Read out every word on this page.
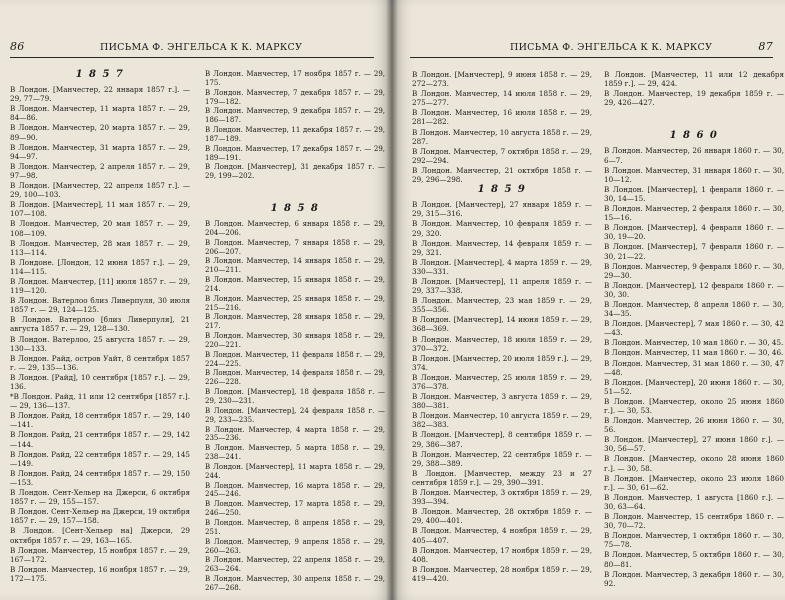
86	ПИСЬМА Ф. ЭНГЕЛЬСА К К. МАРКСУ
1 8 5 7
В Лондон. [Манчестер, 22 января 1857 г.]. — 29, 77—79.
В Лондон. Манчестер, 11 марта 1857 г. — 29, 84—86.
В Лондон. Манчестер, 20 марта 1857 г. — 29, 89—90.
В Лондон. Манчестер, 31 марта 1857 г. — 29, 94—97.
В Лондон. Манчестер, 2 апреля 1857 г. — 29, 97—98.
В Лондон. [Манчестер, 22 апреля 1857 г.]. — 29, 100—103.
В Лондон. [Манчестер], 11 мая 1857 г. — 29, 107—108.
В Лондон. Манчестер, 20 мая 1857 г. — 29, 108—109.
В Лондон. Манчестер, 28 мая 1857 г. — 29, 113—114.
В Лондоне. [Лондон, 12 июня 1857 г.]. — 29, 114—115.
В Лондон. Манчестер, [11] июля 1857 г. — 29, 119—120.
В Лондон. Ватерлоо близ Ливерпуля, 30 июля 1857 г. — 29, 124—125.
В Лондон. Ватерлоо [близ Ливерпуля], 21 августа 1857 г. — 29, 128—130.
В Лондон. Ватерлоо, 25 августа 1857 г. — 29, 130—133.
В Лондон. Райд, остров Уайт, 8 сентября 1857 г. — 29, 135—136.
В Лондон. [Райд], 10 сентября [1857 г.]. — 29, 136.
*В Лондон. Райд, 11 или 12 сентября [1857 г.]. — 29, 136—137.
В Лондон. Райд, 18 сентября 1857 г. — 29, 140—141.
В Лондон. Райд, 21 сентября 1857 г. — 29, 142—144.
В Лондон. Райд, 22 сентября 1857 г. — 29, 145—149.
В Лондон. Райд, 24 сентября 1857 г. — 29, 150—153.
В Лондон. Сент-Хельер на Джерси, 6 октября 1857 г. — 29, 155—157.
В Лондон. Сент-Хельер на Джерси, 19 октября 1857 г. — 29, 157—158.
В Лондон. [Сент-Хельер на] Джерси, 29 октября 1857 г. — 29, 163—165.
В Лондон. Манчестер, 15 ноября 1857 г. — 29, 167—172.
В Лондон. Манчестер, 16 ноября 1857 г. — 29, 172—175.
В Лондон. Манчестер, 17 ноября 1857 г. — 29, 175.
В Лондон. Манчестер, 7 декабря 1857 г. — 29, 179—182.
В Лондон. Манчестер, 9 декабря 1857 г. — 29, 186—187.
В Лондон. Манчестер, 11 декабря 1857 г. — 29, 187—189.
В Лондон. Манчестер, 17 декабря 1857 г. — 29, 189—191.
В Лондон. [Манчестер], 31 декабря 1857 г. — 29, 199—202.
1 8 5 8
В Лондон. Манчестер, 6 января 1858 г. — 29, 204—206.
В Лондон. Манчестер, 7 января 1858 г. — 29, 206—207.
В Лондон. Манчестер, 14 января 1858 г. — 29, 210—211.
В Лондон. Манчестер, 15 января 1858 г. — 29, 214.
В Лондон. Манчестер, 25 января 1858 г. — 29, 215—216.
В Лондон. Манчестер, 28 января 1858 г. — 29, 217.
В Лондон. Манчестер, 30 января 1858 г. — 29, 220—221.
В Лондон. Манчестер, 11 февраля 1858 г. — 29, 224—225.
В Лондон. Манчестер, 14 февраля 1858 г. — 29, 226—228.
В Лондон. [Манчестер], 18 февраля 1858 г. — 29, 230—231.
В Лондон. [Манчестер], 24 февраля 1858 г. — 29, 233—235.
В Лондон. Манчестер, 4 марта 1858 г. — 29, 235—236.
В Лондон. Манчестер, 5 марта 1858 г. — 29, 238—241.
В Лондон. [Манчестер], 11 марта 1858 г. — 29, 244.
В Лондон. Манчестер, 16 марта 1858 г. — 29, 245—246.
В Лондон. Манчестер, 17 марта 1858 г. — 29, 246—250.
В Лондон. Манчестер, 8 апреля 1858 г. — 29, 251.
В Лондон. Манчестер, 9 апреля 1858 г. — 29, 260—263.
В Лондон. Манчестер, 22 апреля 1858 г. — 29, 263—264.
В Лондон. Манчестер, 30 апреля 1858 г. — 29, 267—268.
ПИСЬМА Ф. ЭНГЕЛЬСА К К. МАРКСУ	87
В Лондон. [Манчестер], 9 июня 1858 г. — 29, 272—273.
В Лондон. Манчестер, 14 июля 1858 г. — 29, 275—277.
В Лондон. Манчестер, 16 июля 1858 г. — 29, 281—282.
В Лондон. Манчестер, 10 августа 1858 г. — 29, 287.
В Лондон. Манчестер, 7 октября 1858 г. — 29, 292—294.
В Лондон. Манчестер, 21 октября 1858 г. — 29, 296—298.
1 8 5 9
В Лондон. [Манчестер], 27 января 1859 г. — 29, 315—316.
В Лондон. Манчестер, 10 февраля 1859 г. — 29, 320.
В Лондон. Манчестер, 14 февраля 1859 г. — 29, 321.
В Лондон. [Манчестер], 4 марта 1859 г. — 29, 330—331.
В Лондон. [Манчестер], 11 апреля 1859 г. — 29, 337—338.
В Лондон. Манчестер, 23 мая 1859 г. — 29, 355—356.
В Лондон. [Манчестер], 14 июня 1859 г. — 29, 368—369.
В Лондон. Манчестер, 18 июля 1859 г. — 29, 370—372.
В Лондон. [Манчестер, 20 июля 1859 г.]. — 29, 374.
В Лондон. Манчестер, 25 июля 1859 г. — 29, 376—378.
В Лондон. Манчестер, 3 августа 1859 г. — 29, 380—381.
В Лондон. Манчестер, 10 августа 1859 г. — 29, 382—383.
В Лондон. [Манчестер], 8 сентября 1859 г. — 29, 386—387.
В Лондон. Манчестер, 22 сентября 1859 г. — 29, 388—389.
В Лондон. [Манчестер, между 23 и 27 сентября 1859 г.]. — 29, 390—391.
В Лондон. Манчестер, 3 октября 1859 г. — 29, 393—394.
В Лондон. Манчестер, 28 октября 1859 г. — 29, 400—401.
В Лондон. Манчестер, 4 ноября 1859 г. — 29, 405—407.
В Лондон. Манчестер, 17 ноября 1859 г. — 29, 408.
В Лондон. Манчестер, 28 ноября 1859 г. — 29, 419—420.
В Лондон. [Манчестер, 11 или 12 декабря 1859 г.]. — 29, 424.
В Лондон. Манчестер, 19 декабря 1859 г. — 29, 426—427.
1 8 6 0
В Лондон. Манчестер, 26 января 1860 г. — 30, 6—7.
В Лондон. Манчестер, 31 января 1860 г. — 30, 10—12.
В Лондон. [Манчестер], 1 февраля 1860 г. — 30, 14—15.
В Лондон. Манчестер, 2 февраля 1860 г. — 30, 15—16.
В Лондон. [Манчестер], 4 февраля 1860 г. — 30, 19—20.
В Лондон. [Манчестер], 7 февраля 1860 г. — 30, 21—22.
В Лондон. Манчестер, 9 февраля 1860 г. — 30, 29—30.
В Лондон. [Манчестер], 12 февраля 1860 г. — 30, 30.
В Лондон. Манчестер, 8 апреля 1860 г. — 30, 34—35.
В Лондон. [Манчестер], 7 мая 1860 г. — 30, 42—43.
В Лондон. Манчестер, 10 мая 1860 г. — 30, 45.
В Лондон. Манчестер, 11 мая 1860 г. — 30, 46.
В Лондон. Манчестер, 31 мая 1860 г. — 30, 47—48.
В Лондон. [Манчестер], 20 июня 1860 г. — 30, 51—52.
В Лондон. [Манчестер, около 25 июня 1860 г.]. — 30, 53.
В Лондон. Манчестер, 26 июня 1860 г. — 30, 56.
В Лондон. [Манчестер], 27 июня 1860 г.]. — 30, 56—57.
В Лондон. [Манчестер, около 28 июня 1860 г.]. — 30, 58.
В Лондон. [Манчестер, около 23 июля 1860 г.]. — 30, 61—62.
В Лондон. Манчестер, 1 августа [1860 г.]. — 30, 63—64.
В Лондон. Манчестер, 15 сентября 1860 г. — 30, 70—72.
В Лондон. Манчестер, 1 октября 1860 г. — 30, 75—78.
В Лондон. Манчестер, 5 октября 1860 г. — 30, 80—81.
В Лондон. Манчестер, 3 декабря 1860 г. — 30, 92.
